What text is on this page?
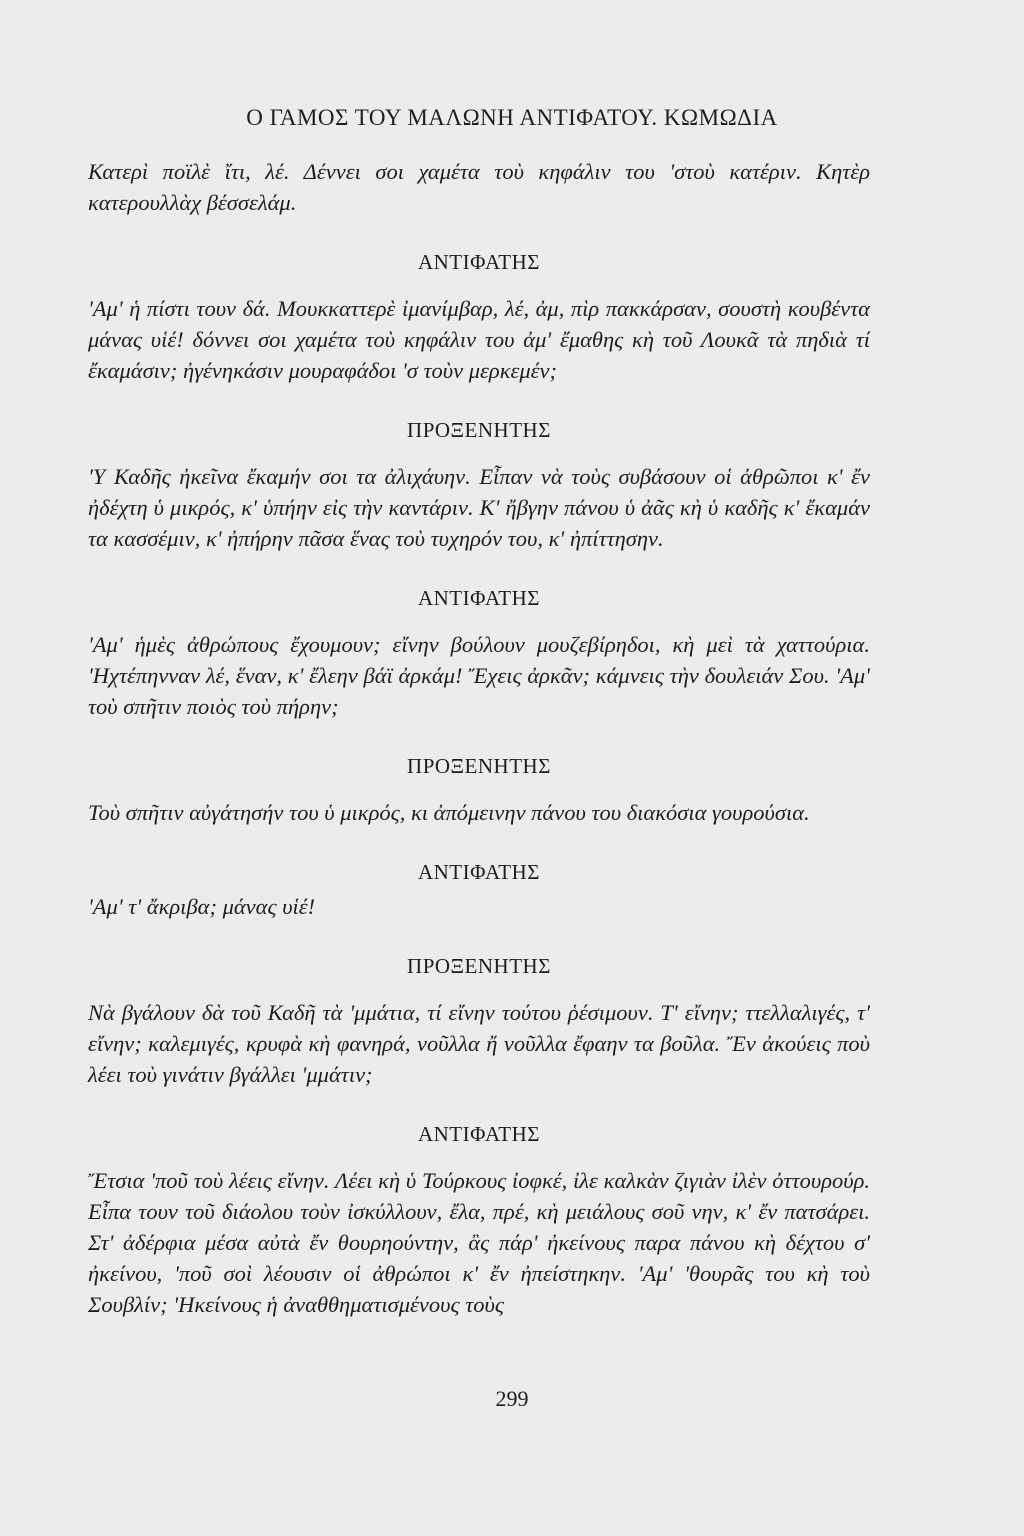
Ο ΓΑΜΟΣ ΤΟΥ ΜΑΛΩΝΗ ΑΝΤΙΦΑΤΟΥ. ΚΩΜΩΔΙΑ

Κατερὶ ποϊλὲ ἴτι, λέ. Δέννει σοι χαμέτα τοὺ κηφάλιν του 'στοὺ κατέριν. Κητὲρ κατερουλλὰχ βέσσελάμ.

ΑΝΤΙΦΑΤΗΣ

'Αμ' ἡ πίστι τουν δά. Μουκκαττερὲ ἰμανίμβαρ, λέ, ἀμ, πὶρ πακκάρσαν, σουστὴ κουβέντα μάνας υἱέ! δόννει σοι χαμέτα τοὺ κηφάλιν του ἀμ' ἔμαθης κὴ τοῦ Λουκᾶ τὰ πηδιὰ τί ἔκαμάσιν; ἠγένηκάσιν μουραφάδοι 'σ τοὺν μερκεμέν;

ΠΡΟΞΕΝΗΤΗΣ

'Υ Καδῆς ἠκεῖνα ἔκαμήν σοι τα ἀλιχάυην. Εἶπαν νὰ τοὺς συβάσουν οἱ ἀθρῶποι κ' ἔν ἠδέχτη ὑ μικρός, κ' ὑπήην εἰς τὴν καντάριν. Κ' ἤβγην πάνου ὑ ἀᾶς κὴ ὑ καδῆς κ' ἔκαμάν τα κασσέμιν, κ' ἠπήρην πᾶσα ἕνας τοὺ τυχηρόν του, κ' ἠπίττησην.

ΑΝΤΙΦΑΤΗΣ

'Αμ' ἡμὲς ἀθρώπους ἔχουμουν; εἴνην βούλουν μουζεβίρηδοι, κὴ μεὶ τὰ χαττούρια. 'Ηχτέπηνναν λέ, ἕναν, κ' ἔλεην βάϊ ἀρκάμ! Ἔχεις ἀρκᾶν; κάμνεις τὴν δουλειάν Σου. 'Αμ' τοὺ σπῆτιν ποιὸς τοὺ πήρην;

ΠΡΟΞΕΝΗΤΗΣ

Τοὺ σπῆτιν αὐγάτησήν του ὑ μικρός, κι ἀπόμεινην πάνου του διακόσια γουρούσια.

ΑΝΤΙΦΑΤΗΣ

'Αμ' τ' ἄκριβα; μάνας υἱέ!

ΠΡΟΞΕΝΗΤΗΣ

Νὰ βγάλουν δὰ τοῦ Καδῆ τὰ 'μμάτια, τί εἴνην τούτου ῥέσιμουν. Τ' εἴνην; ττελλαλιγές, τ' εἴνην; καλεμιγές, κρυφὰ κὴ φανηρά, νοῦλλα ἤ νοῦλλα ἔφαην τα βοῦλα. Ἔν ἀκούεις ποὺ λέει τοὺ γινάτιν βγάλλει 'μμάτιν;

ΑΝΤΙΦΑΤΗΣ

Ἔτσια 'ποῦ τοὺ λέεις εἴνην. Λέει κὴ ὑ Τούρκους ἰοφκέ, ἰλε καλκὰν ζιγιὰν ἰλὲν ὀττουρούρ. Εἶπα τουν τοῦ διάολου τοὺν ἰσκύλλουν, ἔλα, πρέ, κὴ μειάλους σοῦ νην, κ' ἔν πατσάρει. Στ' ἀδέρφια μέσα αὐτὰ ἔν θουρηούντην, ἂς πάρ' ἠκείνους παρα πάνου κὴ δέχτου σ' ἠκείνου, 'ποῦ σοὶ λέουσιν οἱ ἀθρώποι κ' ἔν ἠπείστηκην. 'Αμ' 'θουρᾶς του κὴ τοὺ Σουβλίν; 'Ηκείνους ἡ ἀναθθηματισμένους τοὺς

299
